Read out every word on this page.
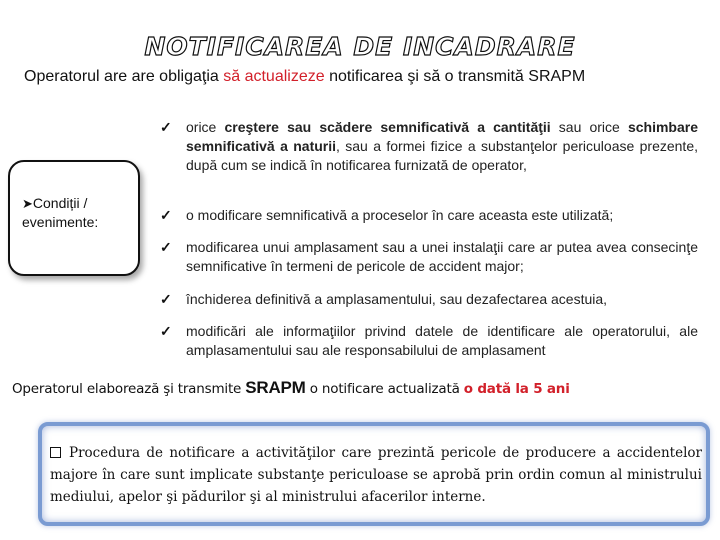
NOTIFICAREA DE INCADRARE
Operatorul are are obligaţia să actualizeze notificarea şi să o transmită SRAPM
➤Condiții / evenimente:
✓	orice creştere sau scădere semnificativă a cantităţii sau orice schimbare semnificativă a naturii, sau a formei fizice a substanţelor periculoase prezente, după cum se indică în notificarea furnizată de operator,
✓	o modificare semnificativă a proceselor în care aceasta este utilizată;
✓	modificarea unui amplasament sau a unei instalaţii care ar putea avea consecinţe semnificative în termeni de pericole de accident major;
✓	închiderea definitivă a amplasamentului, sau dezafectarea acestuia,
✓	modificări ale informaţiilor privind datele de identificare ale operatorului, ale amplasamentului sau ale responsabilului de amplasament
Operatorul elaborează şi transmite SRAPM o notificare actualizată o dată la 5 ani
Procedura de notificare a activităţilor care prezintă pericole de producere a accidentelor majore în care sunt implicate substanţe periculoase se aprobă prin ordin comun al ministrului mediului, apelor şi pădurilor şi al ministrului afacerilor interne.
